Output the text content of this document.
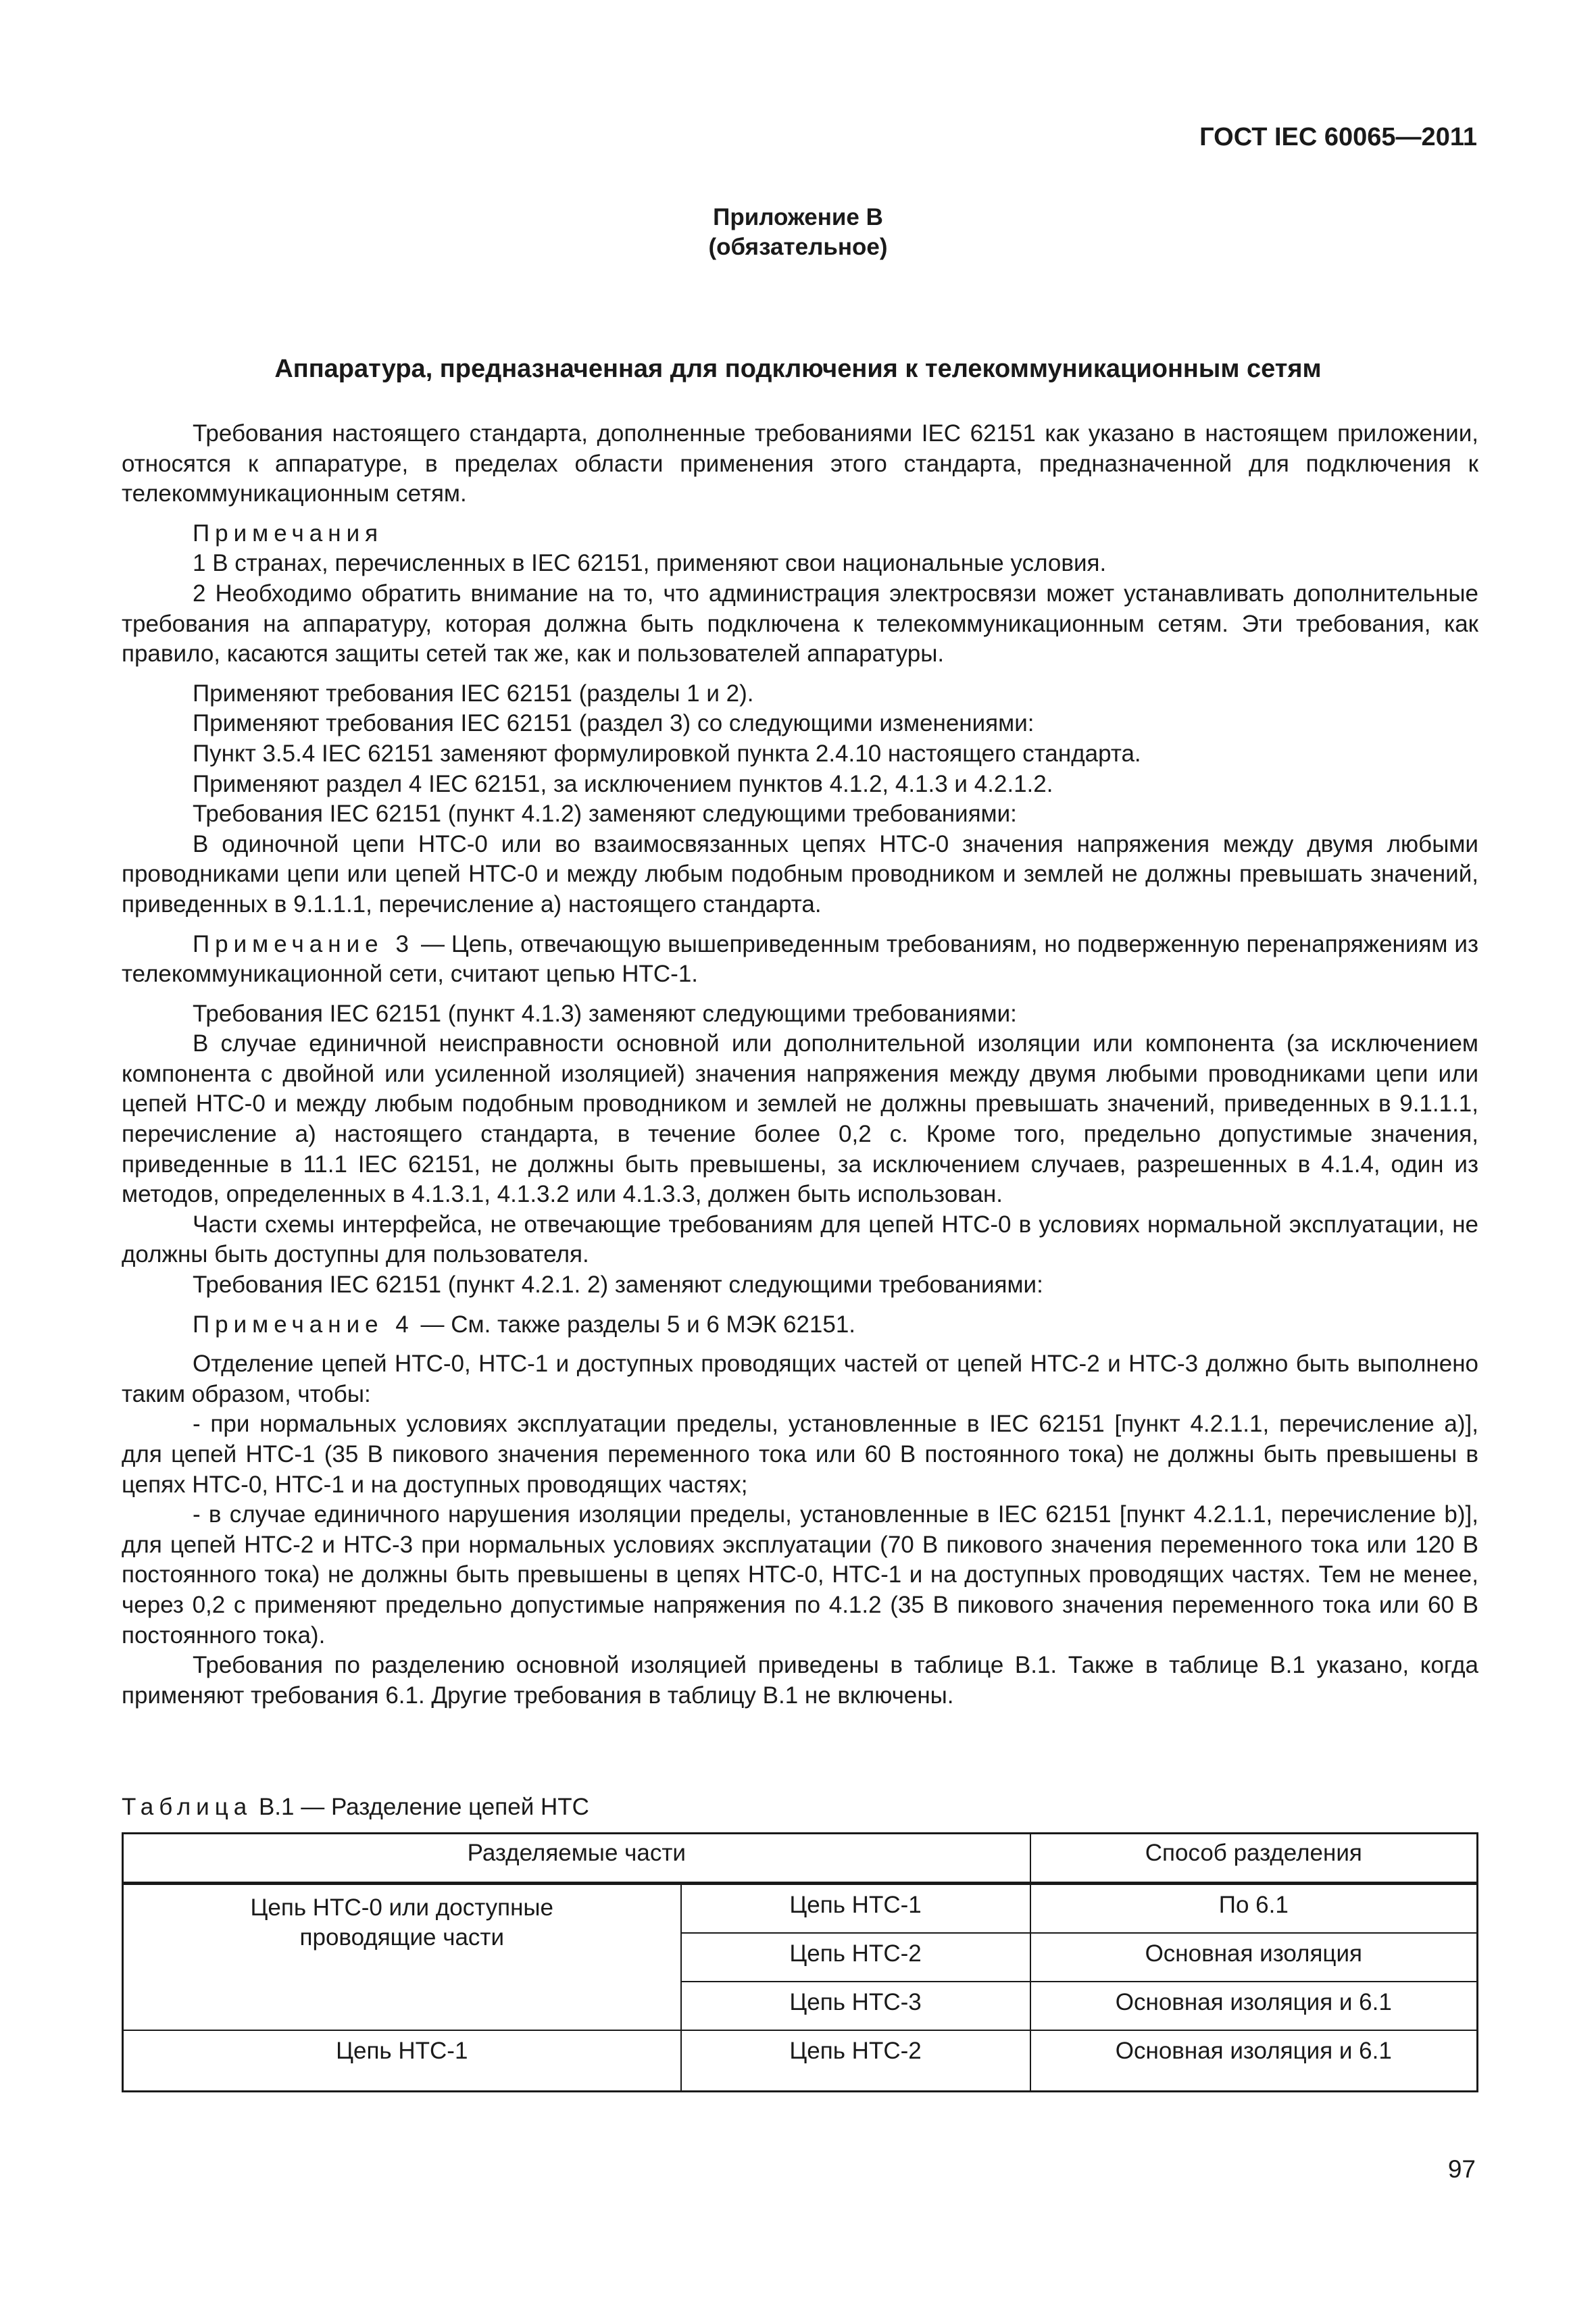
ГОСТ IEC 60065—2011
Приложение В
(обязательное)
Аппаратура, предназначенная для подключения к телекоммуникационным сетям

Требования настоящего стандарта, дополненные требованиями IEC 62151 как указано в настоящем приложении, относятся к аппаратуре, в пределах области применения этого стандарта, предназначенной для подключения к телекоммуникационным сетям.

Примечания

1 В странах, перечисленных в IEC 62151, применяют свои национальные условия.

2 Необходимо обратить внимание на то, что администрация электросвязи может устанавливать дополнительные требования на аппаратуру, которая должна быть подключена к телекоммуникационным сетям. Эти требования, как правило, касаются защиты сетей так же, как и пользователей аппаратуры.

Применяют требования IEC 62151 (разделы 1 и 2).

Применяют требования IEC 62151 (раздел 3) со следующими изменениями:

Пункт 3.5.4 IEC 62151 заменяют формулировкой пункта 2.4.10 настоящего стандарта.

Применяют раздел 4 IEC 62151, за исключением пунктов 4.1.2, 4.1.3 и 4.2.1.2.

Требования IEC 62151 (пункт 4.1.2) заменяют следующими требованиями:

В одиночной цепи НТС-0 или во взаимосвязанных цепях НТС-0 значения напряжения между двумя любыми проводниками цепи или цепей НТС-0 и между любым подобным проводником и землей не должны превышать значений, приведенных в 9.1.1.1, перечисление а) настоящего стандарта.

Примечание 3 — Цепь, отвечающую вышеприведенным требованиям, но подверженную перенапряжениям из телекоммуникационной сети, считают цепью НТС-1.

Требования IEC 62151 (пункт 4.1.3) заменяют следующими требованиями:

В случае единичной неисправности основной или дополнительной изоляции или компонента (за исключением компонента с двойной или усиленной изоляцией) значения напряжения между двумя любыми проводниками цепи или цепей НТС-0 и между любым подобным проводником и землей не должны превышать значений, приведенных в 9.1.1.1, перечисление а) настоящего стандарта, в течение более 0,2 с. Кроме того, предельно допустимые значения, приведенные в 11.1 IEC 62151, не должны быть превышены, за исключением случаев, разрешенных в 4.1.4, один из методов, определенных в 4.1.3.1, 4.1.3.2 или 4.1.3.3, должен быть использован.

Части схемы интерфейса, не отвечающие требованиям для цепей НТС-0 в условиях нормальной эксплуатации, не должны быть доступны для пользователя.

Требования IEC 62151 (пункт 4.2.1. 2) заменяют следующими требованиями:

Примечание 4 — См. также разделы 5 и 6 МЭК 62151.

Отделение цепей НТС-0, НТС-1 и доступных проводящих частей от цепей НТС-2 и НТС-3 должно быть выполнено таким образом, чтобы:

- при нормальных условиях эксплуатации пределы, установленные в IEC 62151 [пункт 4.2.1.1, перечисление a)], для цепей НТС-1 (35 В пикового значения переменного тока или 60 В постоянного тока) не должны быть превышены в цепях НТС-0, НТС-1 и на доступных проводящих частях;

- в случае единичного нарушения изоляции пределы, установленные в IEC 62151 [пункт 4.2.1.1, перечисление b)], для цепей НТС-2 и НТС-3 при нормальных условиях эксплуатации (70 В пикового значения переменного тока или 120 В постоянного тока) не должны быть превышены в цепях НТС-0, НТС-1 и на доступных проводящих частях. Тем не менее, через 0,2 с применяют предельно допустимые напряжения по 4.1.2 (35 В пикового значения переменного тока или 60 В постоянного тока).

Требования по разделению основной изоляцией приведены в таблице В.1. Также в таблице В.1 указано, когда применяют требования 6.1. Другие требования в таблицу В.1 не включены.

Таблица В.1 — Разделение цепей НТС
Разделяемые части		Способ разделения
Цепь НТС-0 или доступные проводящие части	Цепь НТС-1	По 6.1
	Цепь НТС-2	Основная изоляция
	Цепь НТС-3	Основная изоляция и 6.1
Цепь НТС-1	Цепь НТС-2	Основная изоляция и 6.1
97
